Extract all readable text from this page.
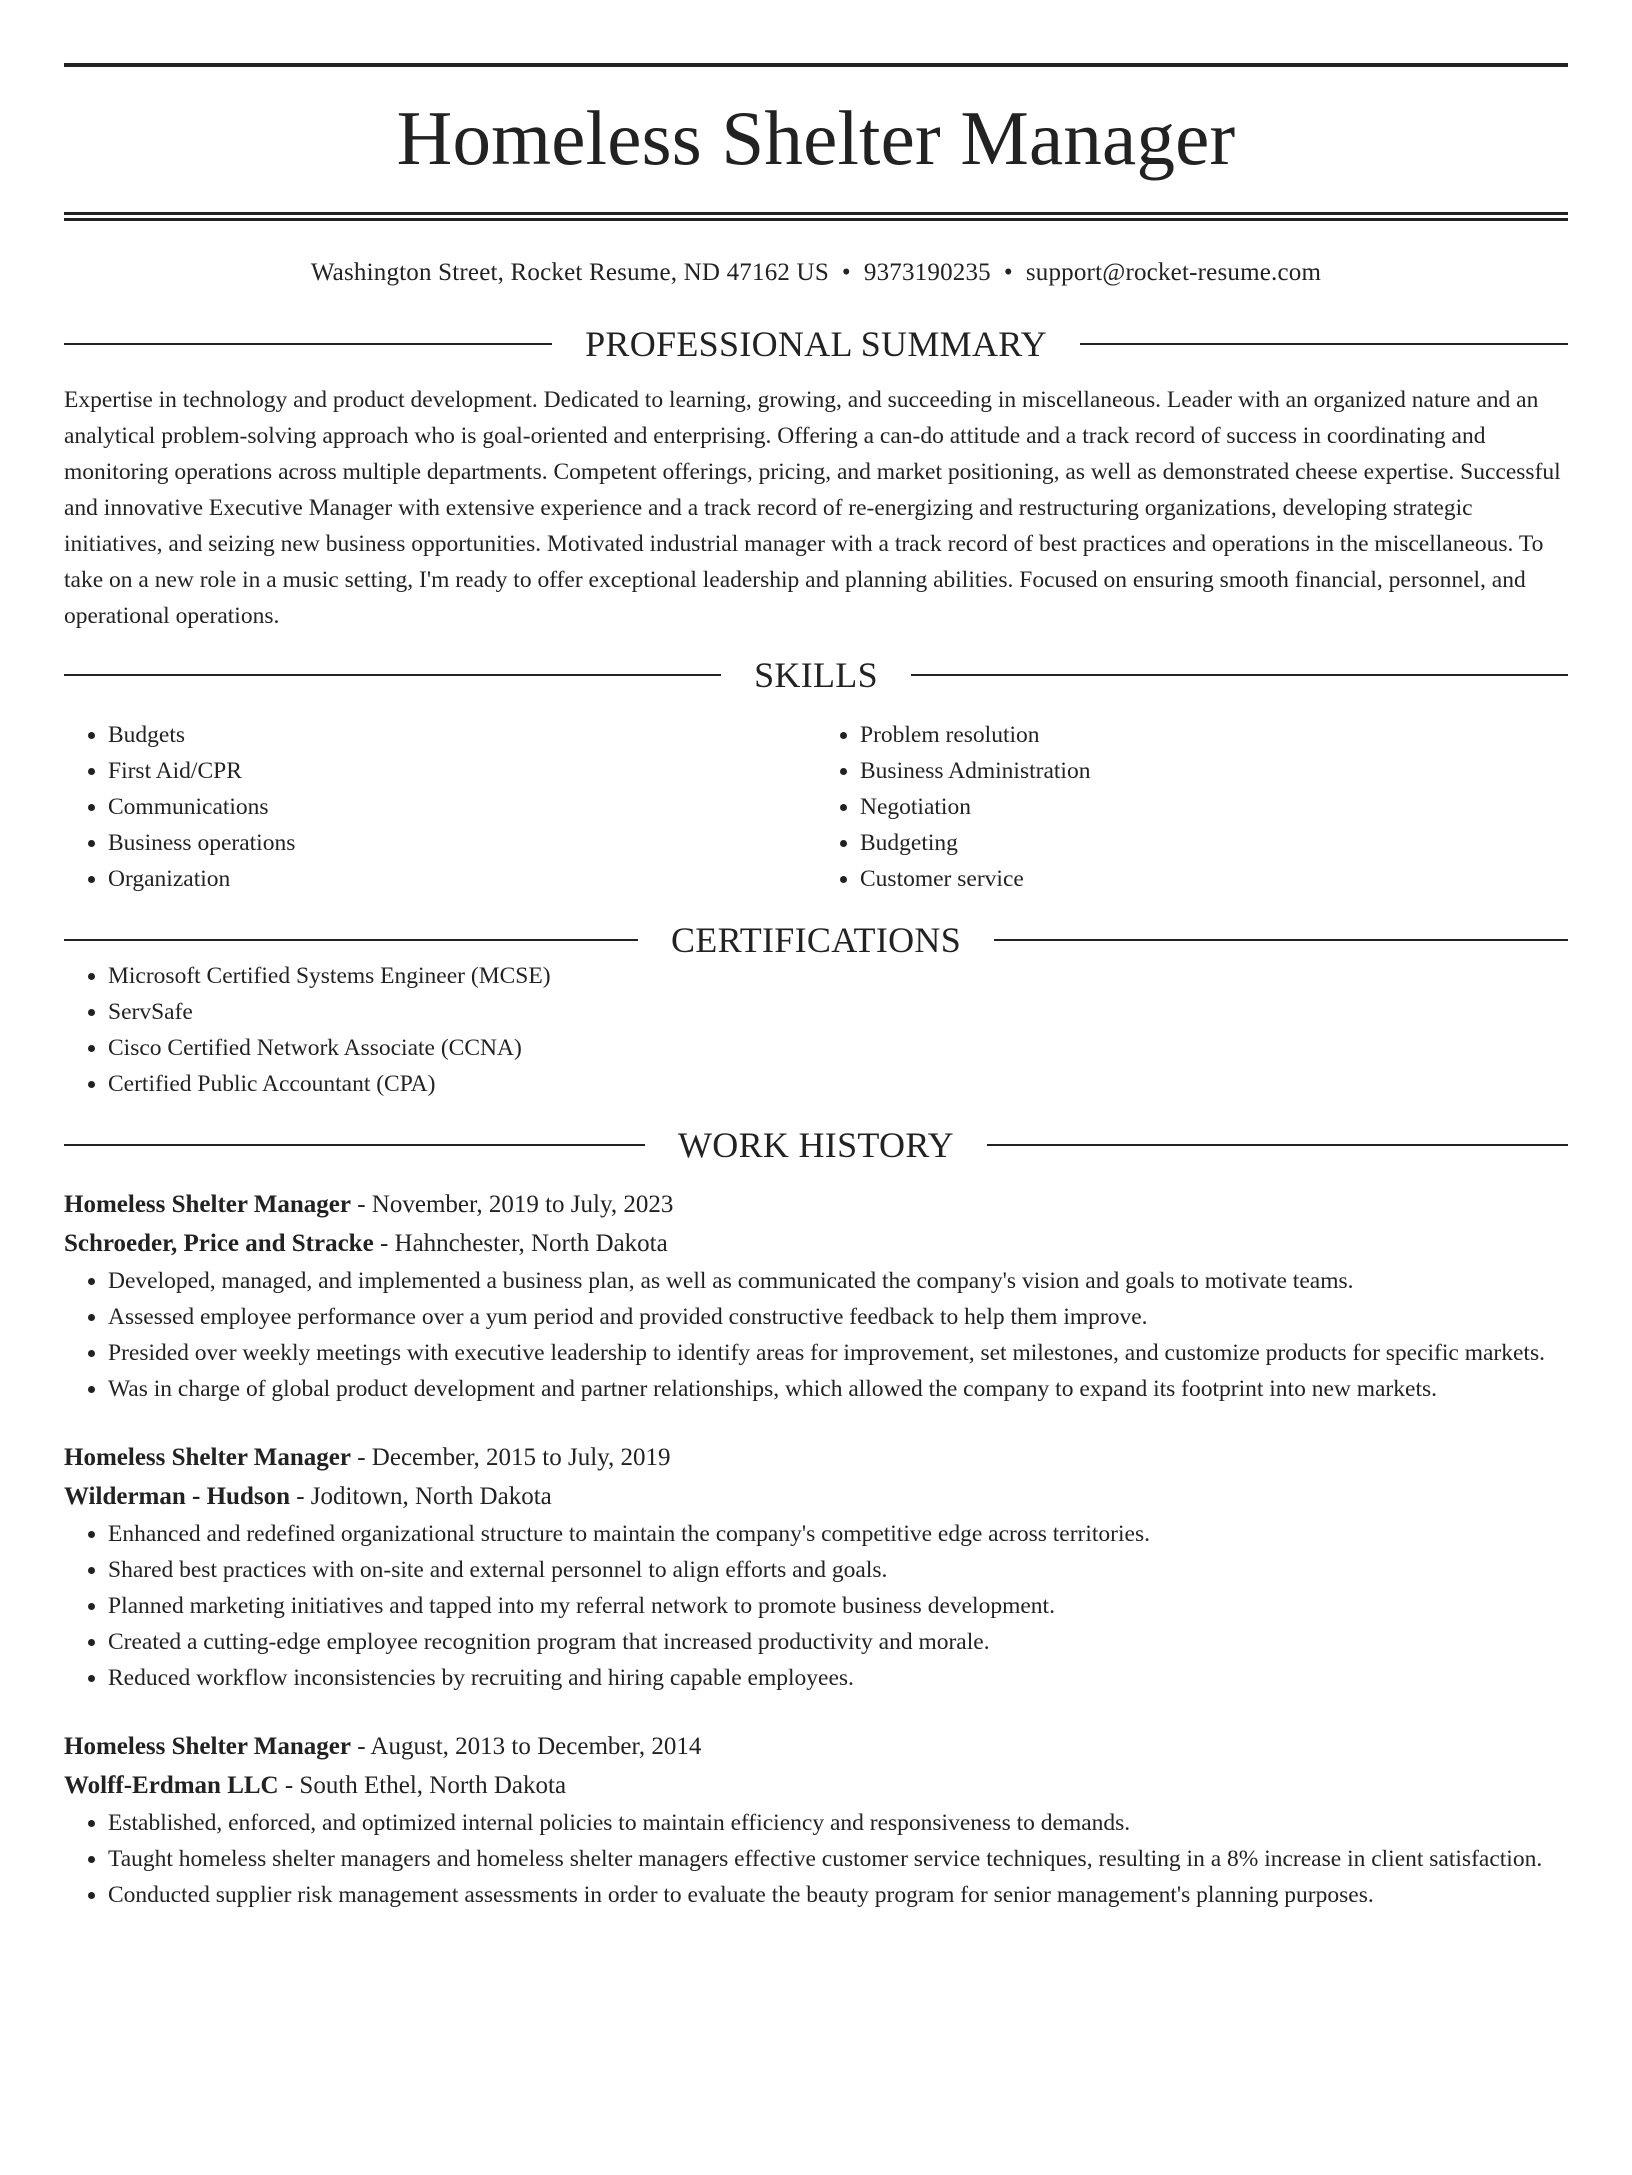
Homeless Shelter Manager
Washington Street, Rocket Resume, ND 47162 US • 9373190235 • support@rocket-resume.com
PROFESSIONAL SUMMARY

Expertise in technology and product development. Dedicated to learning, growing, and succeeding in miscellaneous. Leader with an organized nature and an analytical problem-solving approach who is goal-oriented and enterprising. Offering a can-do attitude and a track record of success in coordinating and monitoring operations across multiple departments. Competent offerings, pricing, and market positioning, as well as demonstrated cheese expertise. Successful and innovative Executive Manager with extensive experience and a track record of re-energizing and restructuring organizations, developing strategic initiatives, and seizing new business opportunities. Motivated industrial manager with a track record of best practices and operations in the miscellaneous. To take on a new role in a music setting, I'm ready to offer exceptional leadership and planning abilities. Focused on ensuring smooth financial, personnel, and operational operations.

SKILLS
• Budgets
• First Aid/CPR
• Communications
• Business operations
• Organization
• Problem resolution
• Business Administration
• Negotiation
• Budgeting
• Customer service
CERTIFICATIONS
• Microsoft Certified Systems Engineer (MCSE)
• ServSafe
• Cisco Certified Network Associate (CCNA)
• Certified Public Accountant (CPA)
WORK HISTORY
Homeless Shelter Manager - November, 2019 to July, 2023
Schroeder, Price and Stracke - Hahnchester, North Dakota
• Developed, managed, and implemented a business plan, as well as communicated the company's vision and goals to motivate teams.
• Assessed employee performance over a yum period and provided constructive feedback to help them improve.
• Presided over weekly meetings with executive leadership to identify areas for improvement, set milestones, and customize products for specific markets.
• Was in charge of global product development and partner relationships, which allowed the company to expand its footprint into new markets.
Homeless Shelter Manager - December, 2015 to July, 2019
Wilderman - Hudson - Joditown, North Dakota
• Enhanced and redefined organizational structure to maintain the company's competitive edge across territories.
• Shared best practices with on-site and external personnel to align efforts and goals.
• Planned marketing initiatives and tapped into my referral network to promote business development.
• Created a cutting-edge employee recognition program that increased productivity and morale.
• Reduced workflow inconsistencies by recruiting and hiring capable employees.
Homeless Shelter Manager - August, 2013 to December, 2014
Wolff-Erdman LLC - South Ethel, North Dakota
• Established, enforced, and optimized internal policies to maintain efficiency and responsiveness to demands.
• Taught homeless shelter managers and homeless shelter managers effective customer service techniques, resulting in a 8% increase in client satisfaction.
• Conducted supplier risk management assessments in order to evaluate the beauty program for senior management's planning purposes.
